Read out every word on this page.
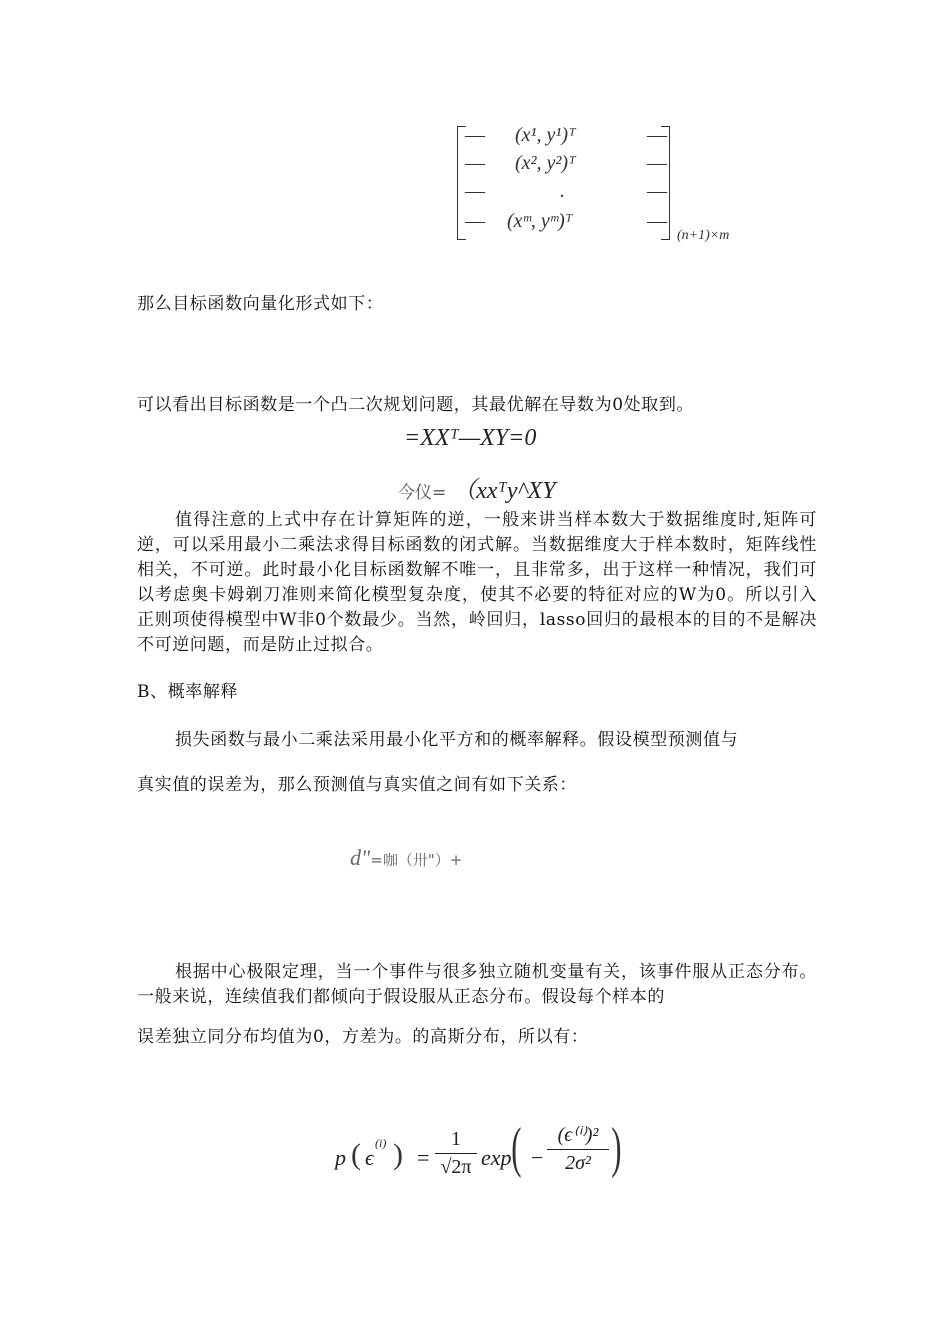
— (x¹, y¹)ᵀ	—
— (x², y²)ᵀ	—
—	.	—
— (xᵐ, yᵐ)ᵀ	—
(n+1)×m
那么目标函数向量化形式如下：
可以看出目标函数是一个凸二次规划问题，其最优解在导数为0处取到。
=XXᵀ—XY=0
今仪= （xxᵀy^XY
值得注意的上式中存在计算矩阵的逆，一般来讲当样本数大于数据维度时,矩阵可逆，可以采用最小二乘法求得目标函数的闭式解。当数据维度大于样本数时，矩阵线性相关，不可逆。此时最小化目标函数解不唯一，且非常多，出于这样一种情况，我们可以考虑奥卡姆剃刀准则来简化模型复杂度，使其不必要的特征对应的W为0。所以引入正则项使得模型中W非0个数最少。当然，岭回归，lasso回归的最根本的目的不是解决不可逆问题，而是防止过拟合。
B、概率解释
损失函数与最小二乘法采用最小化平方和的概率解释。假设模型预测值与
真实值的误差为，那么预测值与真实值之间有如下关系：
d"=咖（卅"）+
根据中心极限定理，当一个事件与很多独立随机变量有关，该事件服从正态分布。一般来说，连续值我们都倾向于假设服从正态分布。假设每个样本的
误差独立同分布均值为0，方差为。的高斯分布，所以有：
p ( ϵ
(i) ) =
1
√2π exp ( −
(ϵ⁽ⁱ⁾)²
2σ² )
